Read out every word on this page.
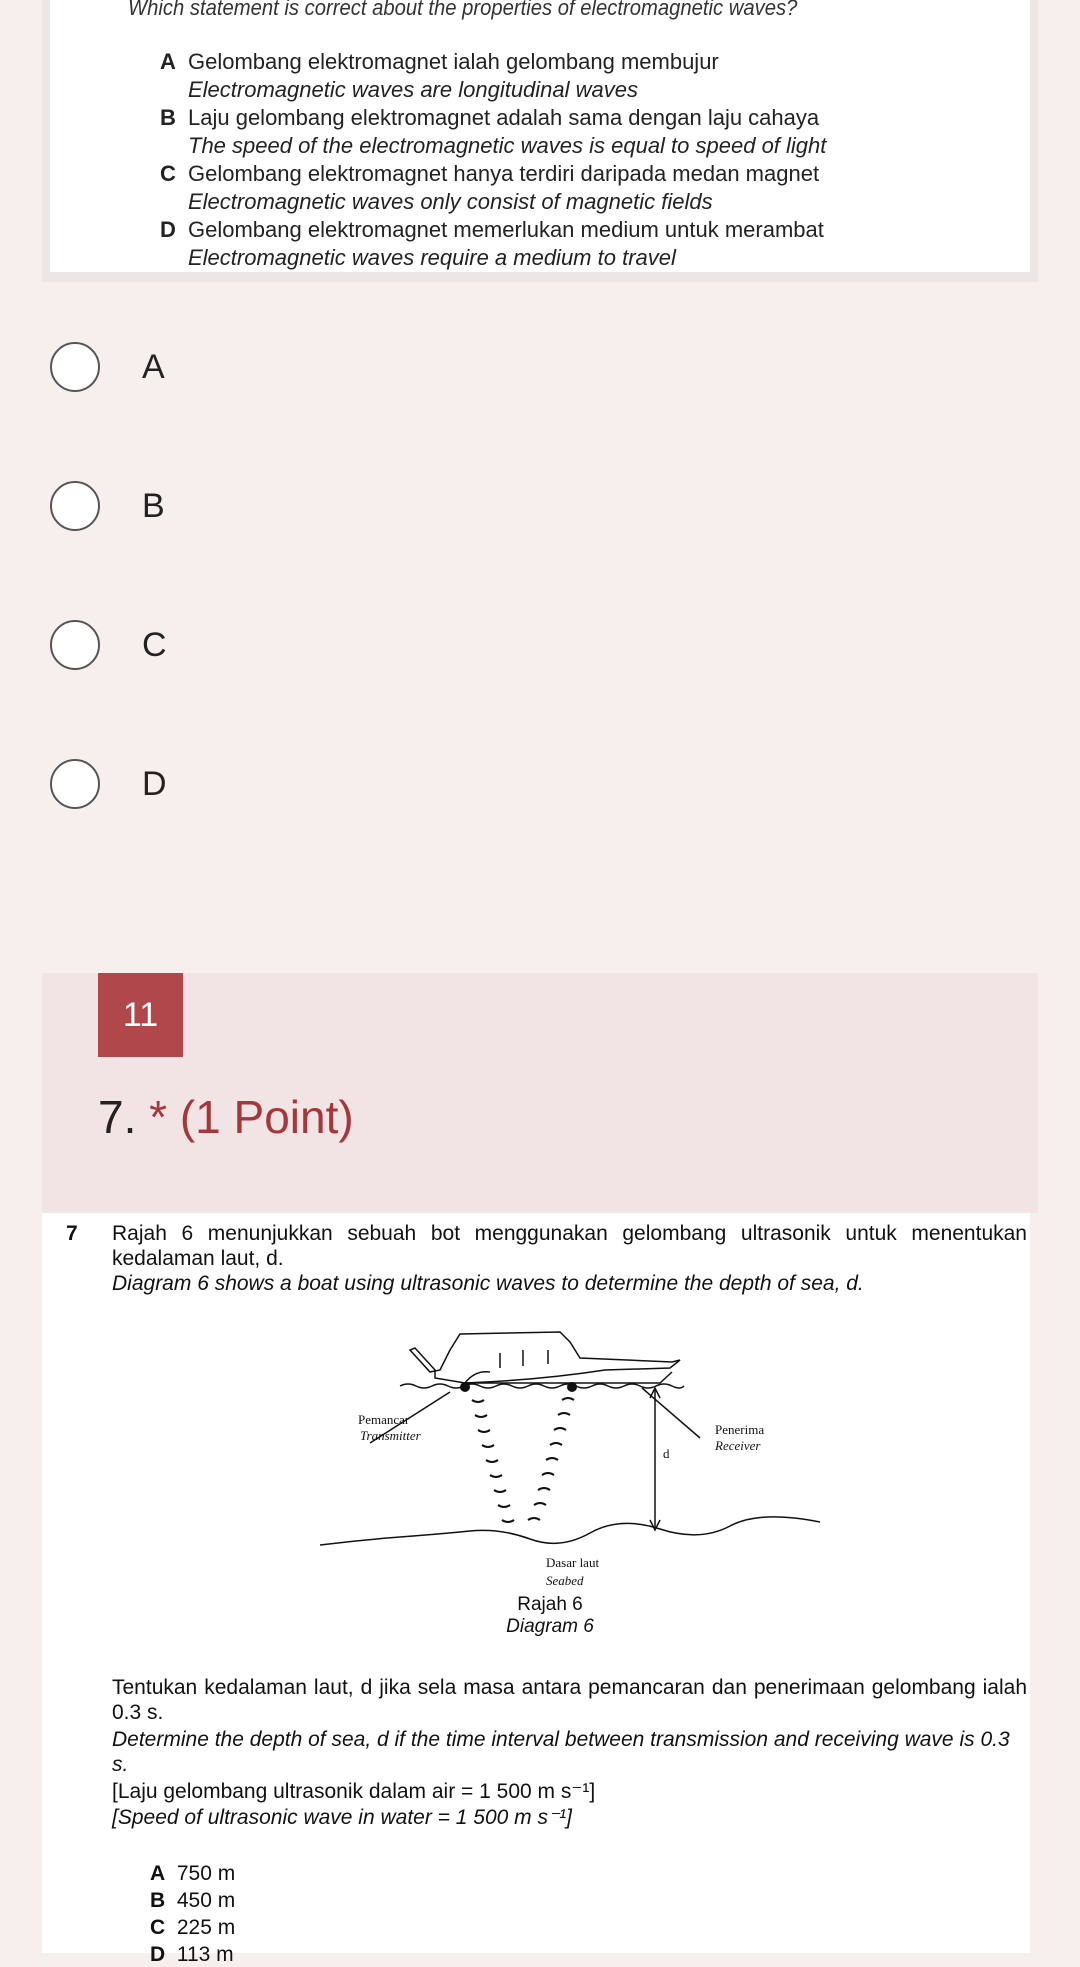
Which statement is correct about the properties of electromagnetic waves?
A Gelombang elektromagnet ialah gelombang membujur
Electromagnetic waves are longitudinal waves
B Laju gelombang elektromagnet adalah sama dengan laju cahaya
The speed of the electromagnetic waves is equal to speed of light
C Gelombang elektromagnet hanya terdiri daripada medan magnet
Electromagnetic waves only consist of magnetic fields
D Gelombang elektromagnet memerlukan medium untuk merambat
Electromagnetic waves require a medium to travel
A
B
C
D
11
7. * (1 Point)
7 Rajah 6 menunjukkan sebuah bot menggunakan gelombang ultrasonik untuk menentukan kedalaman laut, d.
Diagram 6 shows a boat using ultrasonic waves to determine the depth of sea, d.
Pemancar
Transmitter	Penerima
Receiver
d
Dasar laut
Seabed
Rajah 6
Diagram 6
Tentukan kedalaman laut, d jika sela masa antara pemancaran dan penerimaan gelombang ialah 0.3 s.
Determine the depth of sea, d if the time interval between transmission and receiving wave is 0.3 s.
[Laju gelombang ultrasonik dalam air = 1 500 m s⁻¹]
[Speed of ultrasonic wave in water = 1 500 m s⁻¹]
A 750 m
B 450 m
C 225 m
D 113 m
